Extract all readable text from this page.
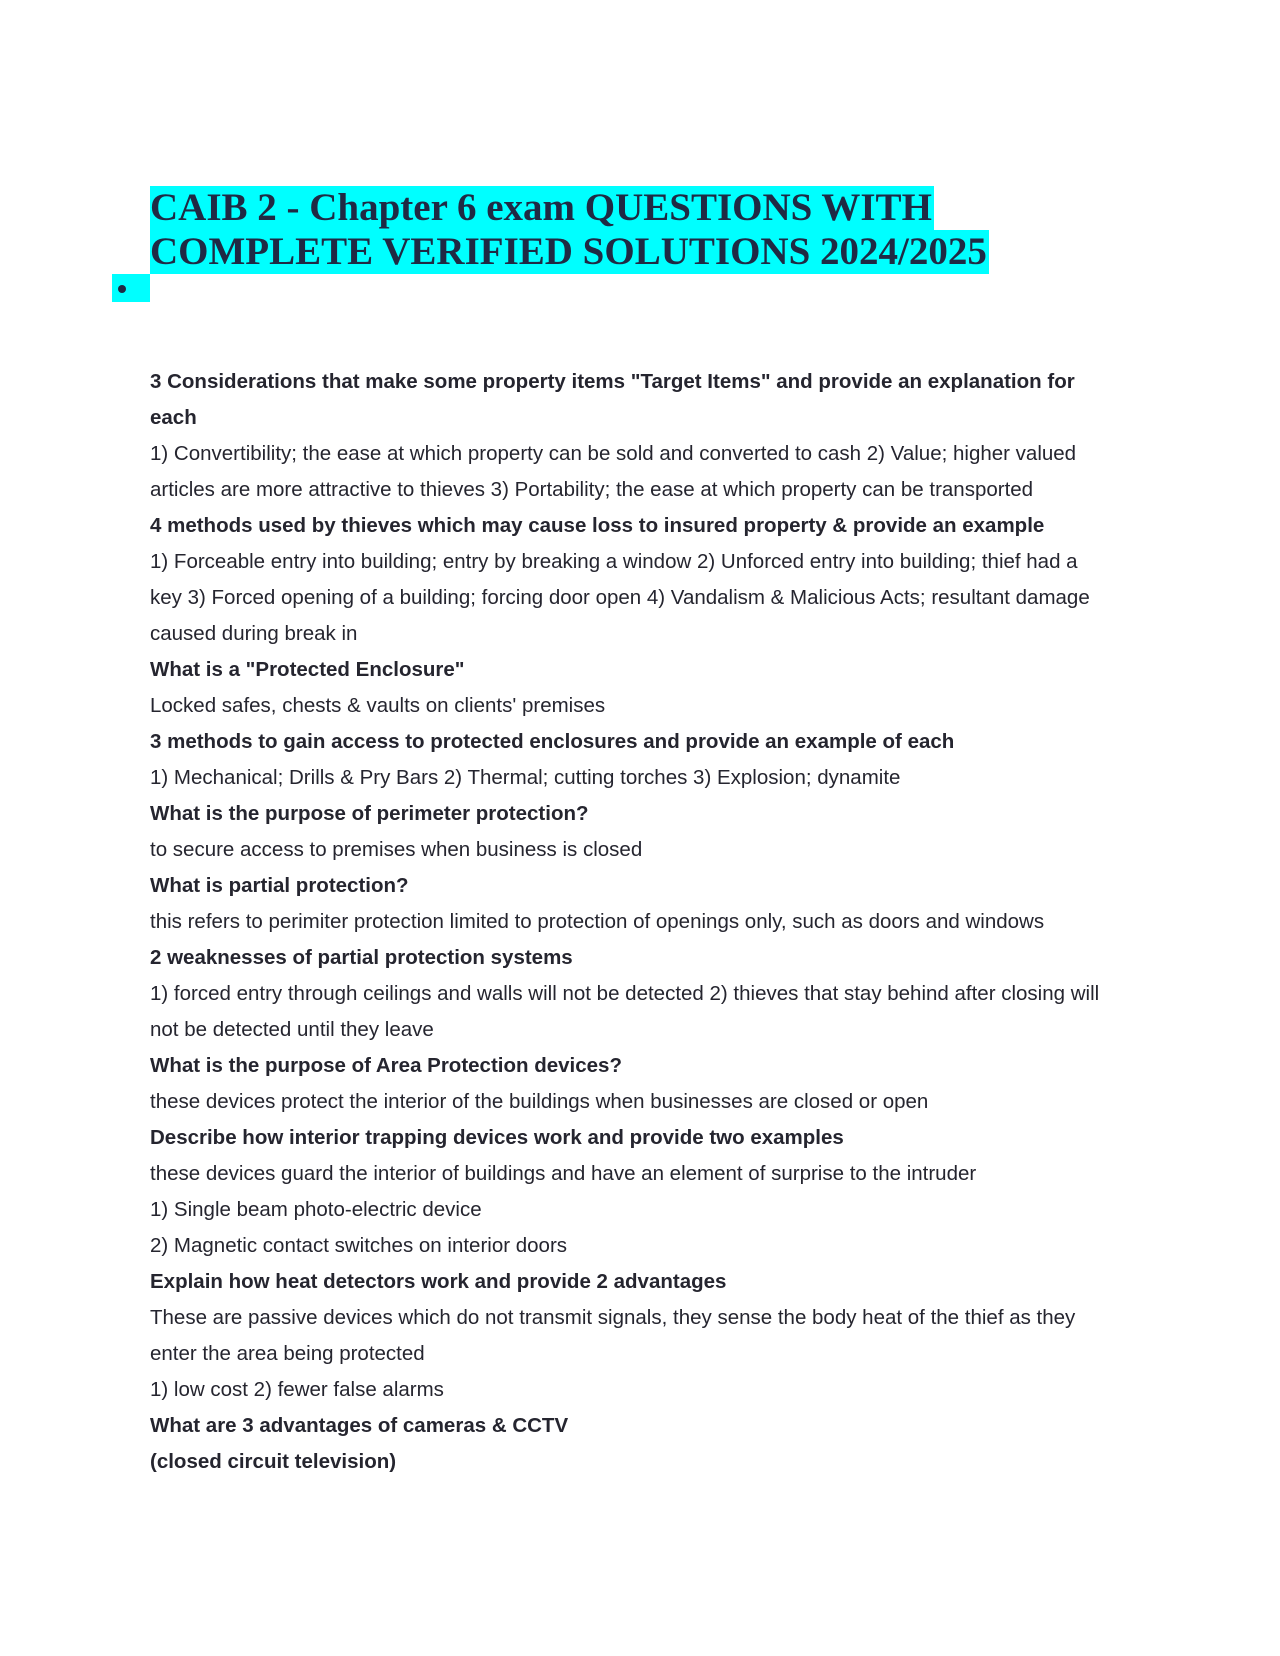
CAIB 2 - Chapter 6 exam QUESTIONS WITH
COMPLETE VERIFIED SOLUTIONS 2024/2025

3 Considerations that make some property items "Target Items" and provide an explanation for

each

1) Convertibility; the ease at which property can be sold and converted to cash 2) Value; higher valued

articles are more attractive to thieves 3) Portability; the ease at which property can be transported

4 methods used by thieves which may cause loss to insured property & provide an example

1) Forceable entry into building; entry by breaking a window 2) Unforced entry into building; thief had a

key 3) Forced opening of a building; forcing door open 4) Vandalism & Malicious Acts; resultant damage

caused during break in

What is a "Protected Enclosure"

Locked safes, chests & vaults on clients' premises

3 methods to gain access to protected enclosures and provide an example of each

1) Mechanical; Drills & Pry Bars 2) Thermal; cutting torches 3) Explosion; dynamite

What is the purpose of perimeter protection?

to secure access to premises when business is closed

What is partial protection?

this refers to perimiter protection limited to protection of openings only, such as doors and windows

2 weaknesses of partial protection systems

1) forced entry through ceilings and walls will not be detected 2) thieves that stay behind after closing will

not be detected until they leave

What is the purpose of Area Protection devices?

these devices protect the interior of the buildings when businesses are closed or open

Describe how interior trapping devices work and provide two examples

these devices guard the interior of buildings and have an element of surprise to the intruder

1) Single beam photo-electric device

2) Magnetic contact switches on interior doors

Explain how heat detectors work and provide 2 advantages

These are passive devices which do not transmit signals, they sense the body heat of the thief as they

enter the area being protected

1) low cost 2) fewer false alarms

What are 3 advantages of cameras & CCTV

(closed circuit television)
